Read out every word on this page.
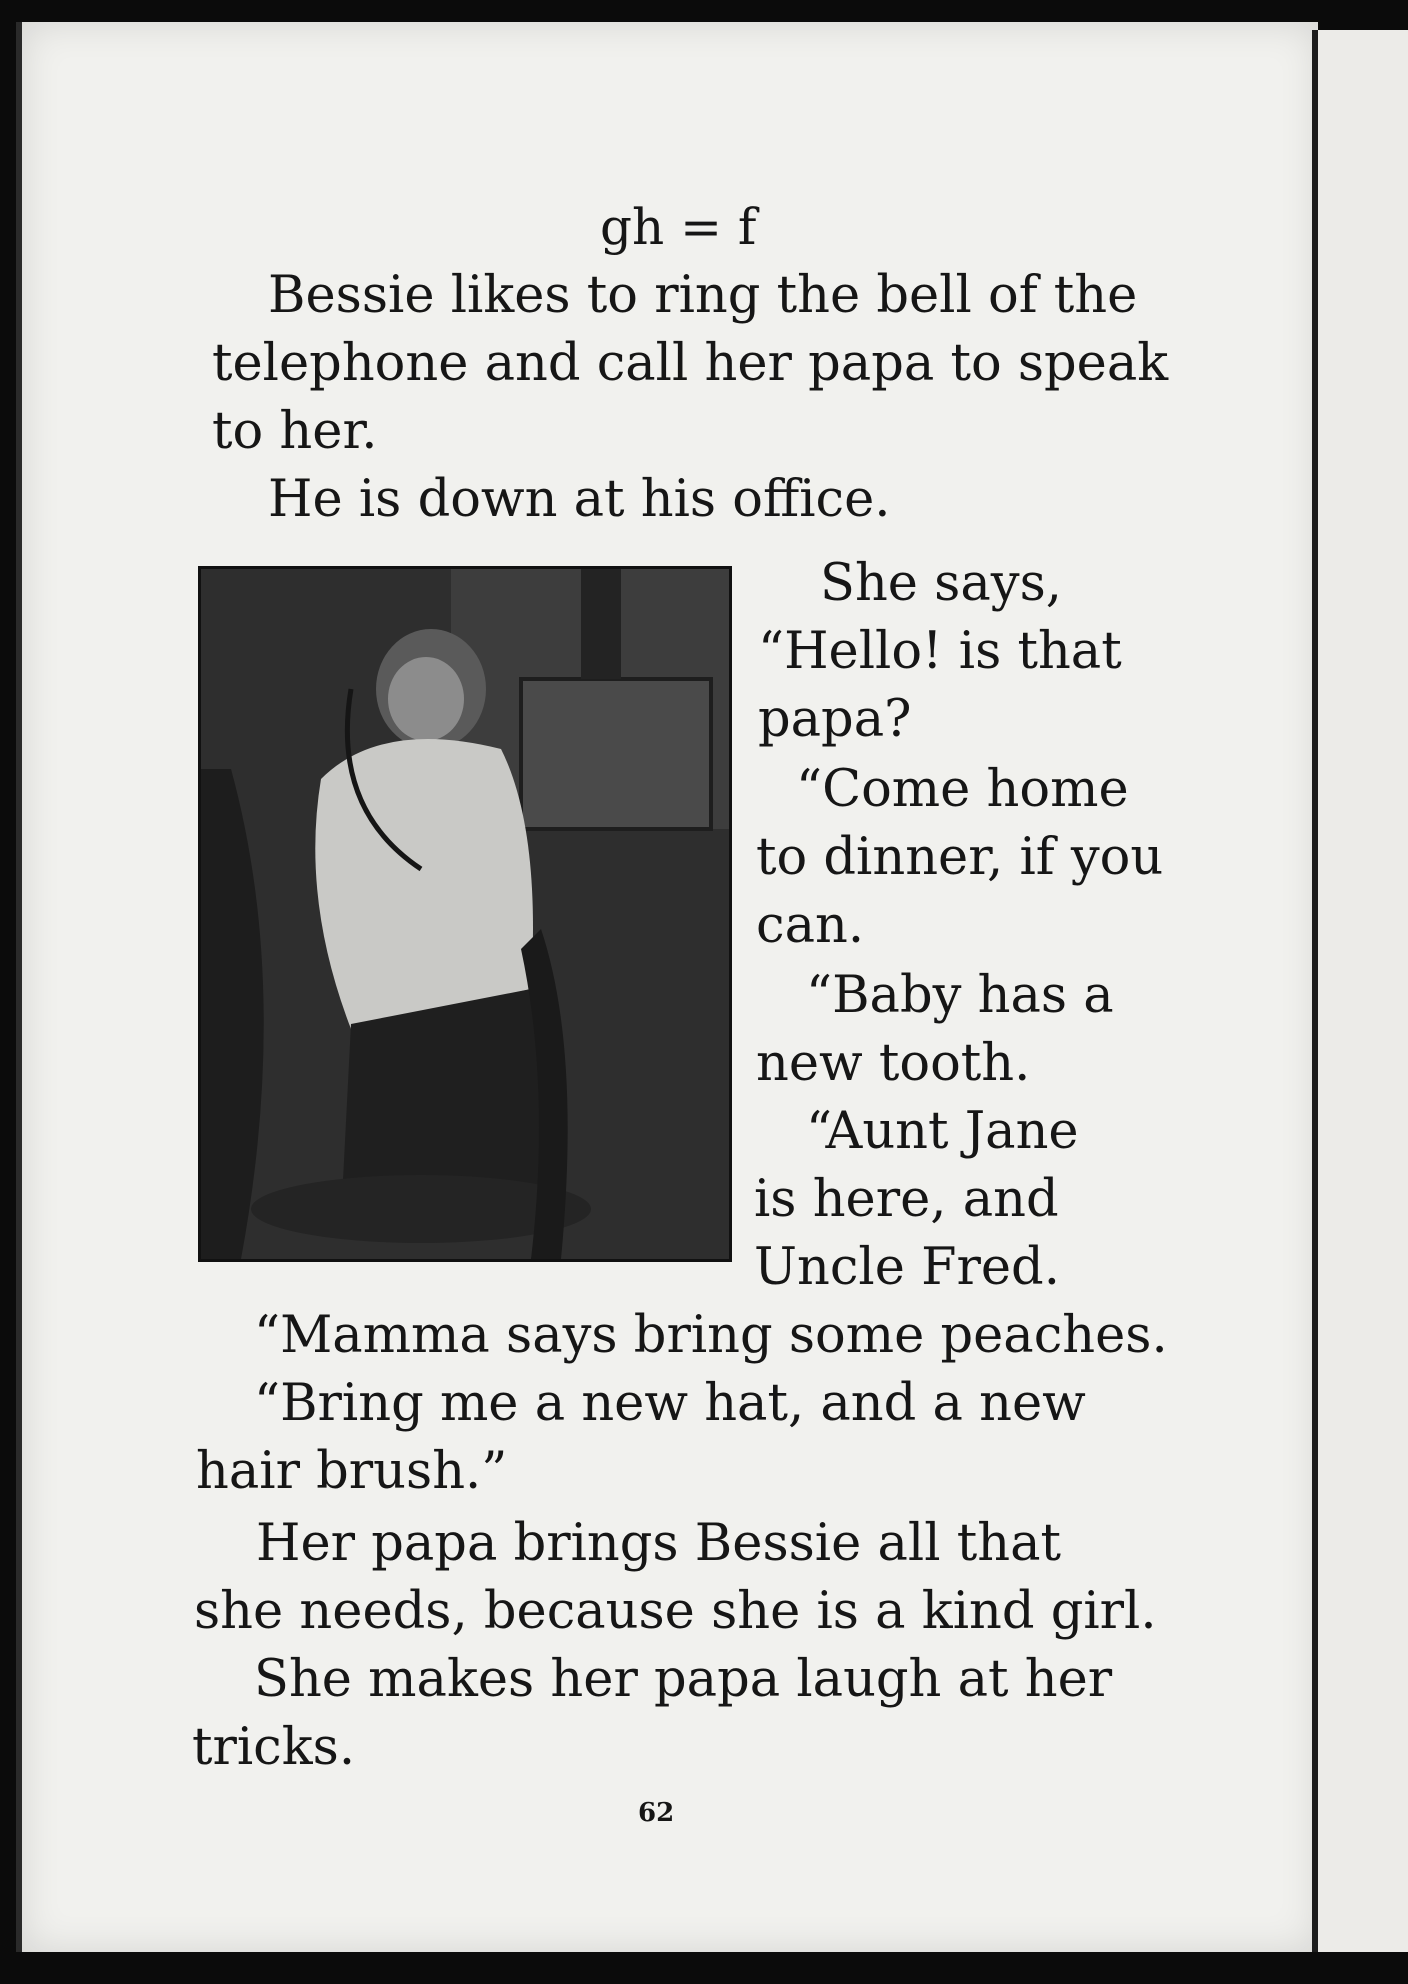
gh = f
Bessie likes to ring the bell of the
telephone and call her papa to speak
to her.
He is down at his office.
She says,
“Hello! is that
papa?
“Come home
to dinner, if you
can.
“Baby has a
new tooth.
“Aunt Jane
is here, and
Uncle Fred.
“Mamma says bring some peaches.
“Bring me a new hat, and a new
hair brush.”
Her papa brings Bessie all that
she needs, because she is a kind girl.
She makes her papa laugh at her
tricks.
62
